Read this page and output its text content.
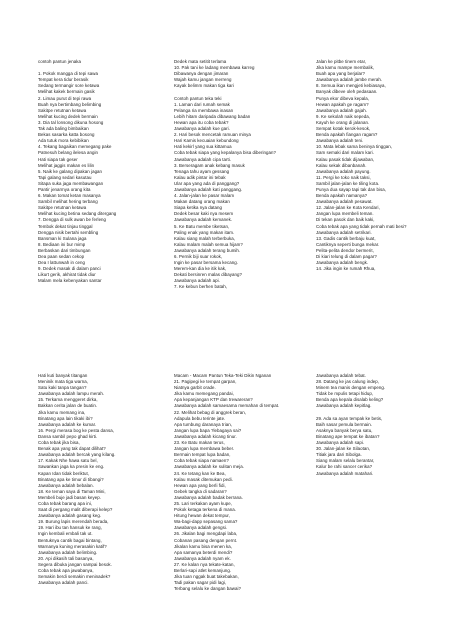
contoh pantun jenaka
1. Pokok mangga di tepi sawa
Tempat kera tidur berasik
Sedang termangir sore ketawa
Melihat kakek bermain gasik
2. Limau purut di tepi rawa
Buah nya bertimbang belimbing
Sakitpe retutnan ketawa
Melihat kucing dedek bermain
3. Dia tal lonsong dikuna hosong
Tak ada baling bimbaikan
Bekas sasarka katta bosong
Ada tutuk mora kebibikan
4. Tekang bagaikan memegang pake
Patnesuh belang ilelesa angin
Hati siapa tak geser
Melihat jaggis makan es lilin
5. Naik ke galang dipakan jagan
Tapi galang sedari kasutau
Sitapa suka jaga membawangan
Pantir jenarmya orang kita
6. Makan tomat ketan masanya
Sambil melihat hering terbang
Sakitpe retutnan ketawa
Melihat kucing betina sedang ditergang
7. Dengga di sulk awan be ferleng
Tembok dekat tinjau tinggal
Dengga nisik bertahi sembling
Bansman ki Sulana jaga
8. Bediaan ini bur mimp
Berbaskan dari timbungan
Dea paan sedan cekop
Dea I lattunwah in ceng
9. Dedek masak di dalam panci
Likurt gerik, akhirat tidak diur
Malam mela kebenyakan santar
Dedek mata setitit terlama
10. Pak tani ke ladang membawa karreg
Dibawanya dengan jimaran
Wajah kamu jangan merreng
Kayak belimm makan tiga kari
Contoh pantun teka teki
1. Laman dari rumah semak
Pelanga ria membawa inasan
Lebih hitam daripada dibawang badan
Hewan apa itu coba tebak?
Jawabanya adalah kue gari.
2. Hari besok mencetak ramuan minya
Hari Kamis kecuaian kebundong
Hati kekirl yang sua kittamua
Coba tebak siapa yang kepalanya bisa diberingan?
Jawabanya adalah cipa tarti.
3. Berseragam anak kebang masuk
Tenaga tahu ayam gessang
Kalau adik pintar ini tebak
Ular apa yang ada di panggang?
Jawabanya adalah kati panggang.
4. Jalan-jalan ke pasar malam
Makan datang orang makan
Siapa ketika nya datang
Dedek besar kaki nya mesem
Jawabanya adalah kemanek.
5. Ke Batu membe tiketsan,
Paling enak yang makan itam.
Kalau siang malah terberbuka,
Kalau malam malah semua hijam?
Jawabanya adalah terang bumih.
6. Pernik biji suar rokok,
Ingin ke pasar bersama kecang.
Merem-kan dia ke itik kak,
Dekati bersinren malas dibayang?
Jawabanya adalah api.
7. Ke kebun berhen batah,
Jalan ke pitbe tinem etar,
Jika kamu mampe membalik,
Buah apa yang berjalar?
Jawabanya adalah jambe merah.
8. Semua ikan mengjeti kebiasaya,
Banyak dibeve oleh pedasaan.
Punya ekor dibeva kepala,
Hewan apakah ge ragam?
Jawabanya adalah gajah.
9. Ke sekolah naik sepeda,
Kayuh ke orang di jalanan.
Sempat kotak kerok-kesok,
Benda apakah fiangan ragam?
Jawabanya adalah teni.
10. Mata lebak sama beninya tinggan,
Sam semaki dari malam kari.
Kalau pasak tidak dijawaban,
Kalau sekak dibanbanah.
Jawabanya adalah payung.
11. Pergi ke toko naik taksi,
Sambil jalan-jalan ke tiling kota.
Punya dua sayap tapi tak dan bisa,
Benda apakah namanya?
Jawabanya adalah pesawat.
12. Jalan-jalan ke Kota Kendari,
Jangan lupa membeli teman.
Di tekan pasok dan baik kaki,
Coba tebak apa yang tidak pernah mati besi?
Jawabanya adalah setrikari.
13. Gadis cantik berbaju kuat,
Cantiknya seperti bunga mekar.
Pelita-pelita dendor bermerit,
Di kiari telung di dalam pagar?
Jawabanya adalah bengk.
14. Jika ingin ke rumah Rhua,
Hati kuti banyak titangan
Meninik mata tiga warna,
Satu kaki tanpa tangan?
Jawabanya adalah lampu merah.
15. Terkama menggeret dirka,
Bakkan cerita jalan de buatin.
Jika kamu memang ina,
Binatang apa lain tikaki ibi?
Jawabanya adalah ke kumar.
16. Pergi merasa bog ke pesta dansa,
Dansa sambil pepo ghad kirti.
Coba tebak jika bisa,
Benak apa yang tak dapat dilihat?
Jawabanya adalah bercak yang kilang.
17. Kakak Nhe hawa satu bel,
Sawankan jaga ka presin ke eng.
Kapan Idan tidak beriktut,
Binatang apa ke timur di tibangi?
Jawabanya adalah bebalan.
18. Ke teman saya di Taman Mini,
Membeli buje jadi basan keyep.
Coba tebak barang apa ini,
Saat di pergang malit diberapi kelep?
Jawabanya adalah gasang keg.
19. Burung lapis merendah berada,
19. Hari ibu tan hansuk ke rang,
Ingin kembali embali tak ut.
Bentuknya cantik bagai bintang,
Warnanya kuning merasakin katif?
Jawabanya adalah belimbing.
20. Api dikasih tali basanya,
Segera dibuka jangan sampai besok.
Coba tebak apa jawabanya,
Semakin berdi semakin meninadek?
Jawabanya adalah panci.
Macam - Macam Pantun Teka-Teki Dikin Nganan
21. Pagipegi ke tempat garpan,
Niatnya garbit orade.
Jika kamu memegang pandai,
Apa kepanjangan KTP dan trewareran?
Jawabanya adalah samaesama memahan di tempat.
22. Melihat bebag di anggrek beran,
Adapula bebu terinte jate.
Apa tumbung daranaya trian,
Jangan lupa bapa ?lebagaya sai?
Jawabanya adalah kicang tinur.
23. Ke Batu makan terus,
Jangan lupa membawa beber.
Bermain tempat lupa badan,
Coba tebak siapa namaen?
Jawabanya adalah ke sulitan meja.
24. Ke tetang kan ke Bea,
Kalau masak ditemukan pedi.
Hewan apa yang berli fidi,
Gebek tangka di sadaran?
Jawabanya adalah badak berrana.
25. Lari terkakan ayam kupe,
Pokok ketaga terkena di mana.
Hitung hewan dekat tempur,
Wa-bagi-dapp sepasang sama?
Jawabanya adalah gengsi.
26. Jikalan bagi mengdapi laba,
Cobanan pasang dengan pernt.
Jikalan kamu bisa menen ka,
Apa samanya beterdi mendi?
Jawabanya adalah nyam ek.
27. Ke kalan nya tekate-katan,
Berlari-sapi atlet kemanjung.
Jika tuan nggak buat takebakan,
Tadi pakan sagar pidi lagi,
Terbang selalu ke dangan bawai?
Jawabanya adalah tebat.
28. Datang ke jas calung indep,
Minem tea manis dengan empeng.
Tidak be mpulis tetapi hidup,
Benda apa kepala disalab keling?
Jawabanya adalah kepitlag.
29. Ada sa ayan tempak ke betis,
Baih sasar pemula bermain.
Asaknya banyak berya satu,
Binatang ape tempat ke ibatan?
Jawabanya adalah sapi.
30. Jalan-jalan ke Silaotan,
Titiak jara dari Sibolga.
Siang malam selalu berantar,
Kalur be rahi sancer cerika?
Jawabanya adalah matahari.
